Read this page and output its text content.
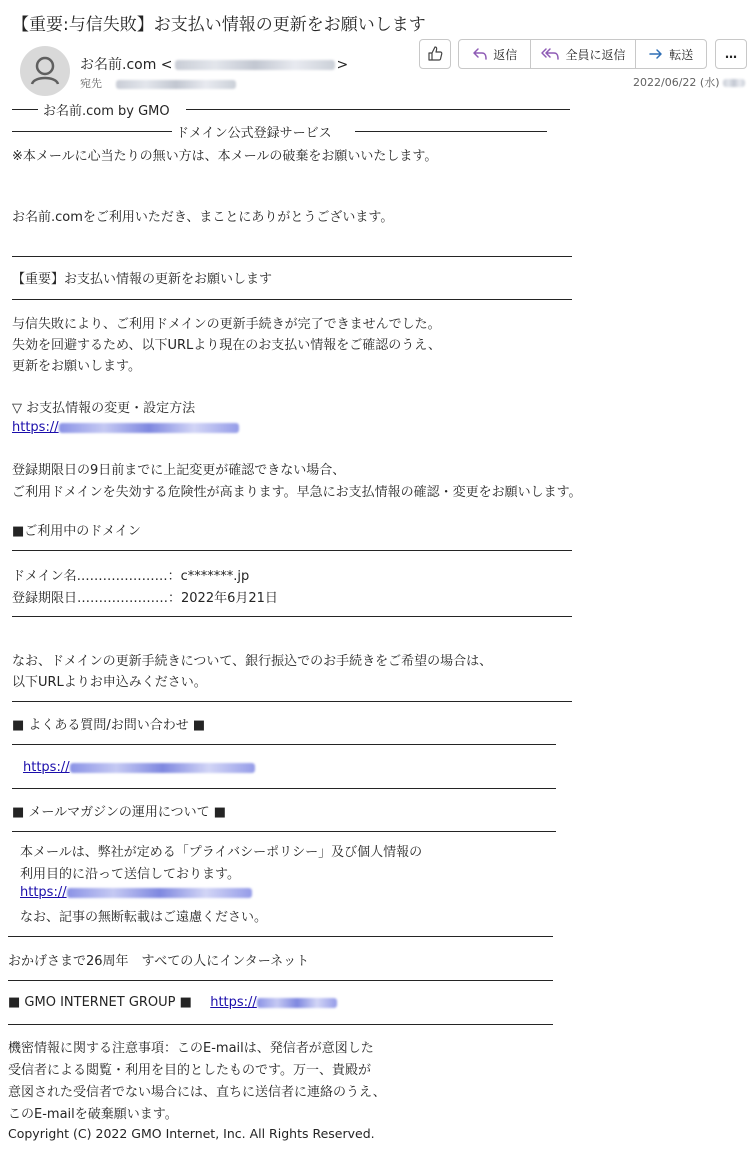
【重要:与信失敗】お支払い情報の更新をお願いします
お名前.com <	>
宛先	2022/06/22 (水)
返信	全員に返信	転送	…
お名前.com by GMO
ドメイン公式登録サービス
※本メールに心当たりの無い方は、本メールの破棄をお願いいたします。
お名前.comをご利用いただき、まことにありがとうございます。
【重要】お支払い情報の更新をお願いします
与信失敗により、ご利用ドメインの更新手続きが完了できませんでした。
失効を回避するため、以下URLより現在のお支払い情報をご確認のうえ、
更新をお願いします。
▽ お支払情報の変更・設定方法
https://
登録期限日の9日前までに上記変更が確認できない場合、
ご利用ドメインを失効する危険性が高まります。早急にお支払情報の確認・変更をお願いします。
■ご利用中のドメイン
ドメイン名…………………：c*******.jp
登録期限日…………………：2022年6月21日
なお、ドメインの更新手続きについて、銀行振込でのお手続きをご希望の場合は、
以下URLよりお申込みください。
■ よくある質問/お問い合わせ ■
https://
■ メールマガジンの運用について ■
本メールは、弊社が定める「プライバシーポリシー」及び個人情報の
利用目的に沿って送信しております。
https://
なお、記事の無断転載はご遠慮ください。
おかげさまで26周年　すべての人にインターネット
■ GMO INTERNET GROUP ■ https://
機密情報に関する注意事項：このE-mailは、発信者が意図した
受信者による閲覧・利用を目的としたものです。万一、貴殿が
意図された受信者でない場合には、直ちに送信者に連絡のうえ、
このE-mailを破棄願います。
Copyright (C) 2022 GMO Internet, Inc. All Rights Reserved.
